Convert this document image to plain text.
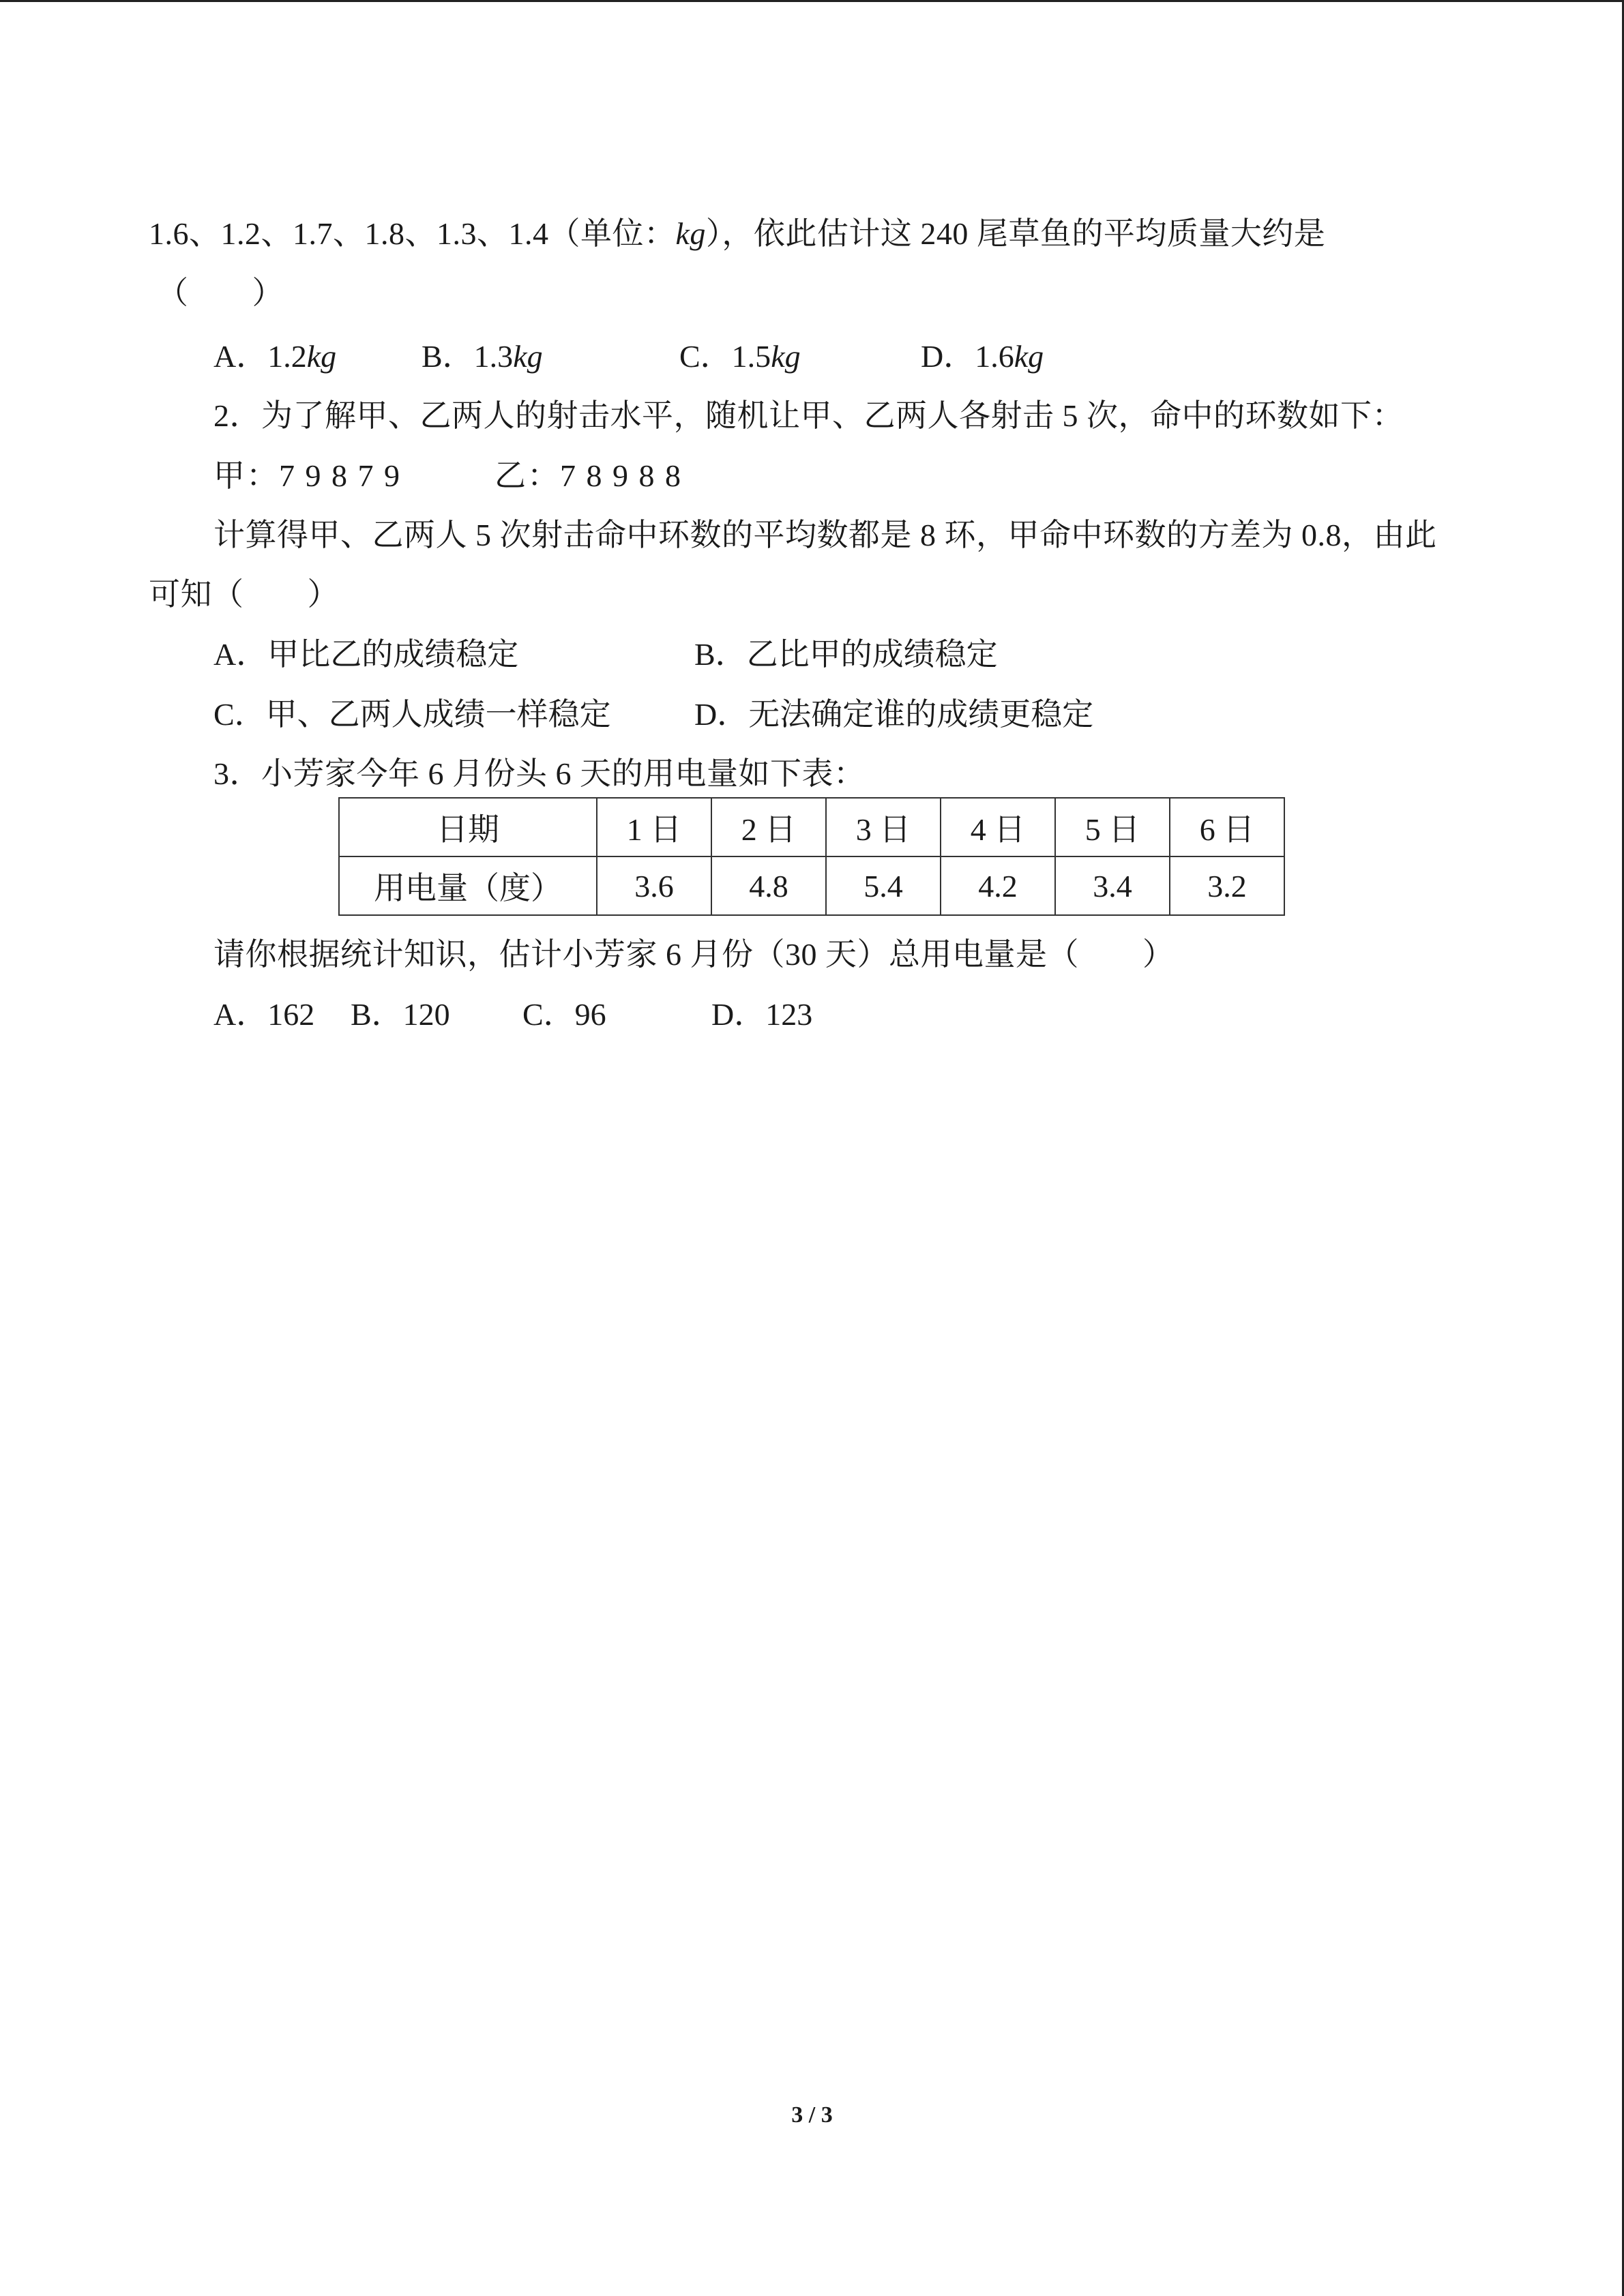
1.6、1.2、1.7、1.8、1.3、1.4（单位：kg），依此估计这 240 尾草鱼的平均质量大约是
（　　）
A．1.2kg	B．1.3kg	C．1.5kg	D．1.6kg
2．为了解甲、乙两人的射击水平，随机让甲、乙两人各射击 5 次，命中的环数如下：
甲：7 9 8 7 9	乙：7 8 9 8 8
计算得甲、乙两人 5 次射击命中环数的平均数都是 8 环，甲命中环数的方差为 0.8，由此
可知（　　）
A．甲比乙的成绩稳定	B．乙比甲的成绩稳定
C．甲、乙两人成绩一样稳定	D．无法确定谁的成绩更稳定
3．小芳家今年 6 月份头 6 天的用电量如下表：
日期	1 日	2 日	3 日	4 日	5 日	6 日
用电量（度）	3.6	4.8	5.4	4.2	3.4	3.2
请你根据统计知识，估计小芳家 6 月份（30 天）总用电量是（　　）
A．162 B．120 C．96	D．123
3 / 3
